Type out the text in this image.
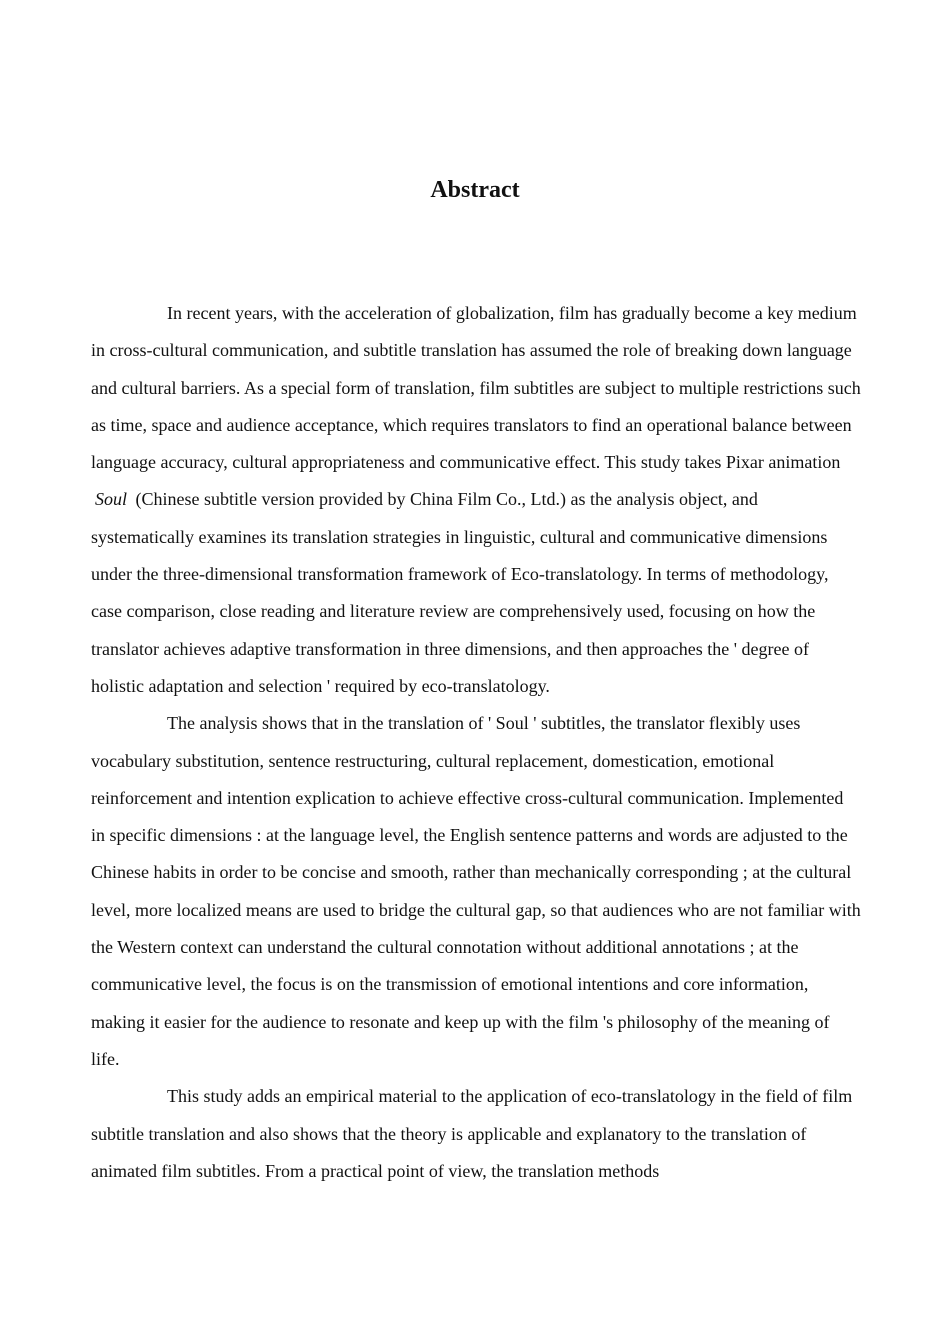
Abstract

In recent years, with the acceleration of globalization, film has gradually become a key medium in cross-cultural communication, and subtitle translation has assumed the role of breaking down language and cultural barriers. As a special form of translation, film subtitles are subject to multiple restrictions such as time, space and audience acceptance, which requires translators to find an operational balance between language accuracy, cultural appropriateness and communicative effect. This study takes Pixar animation Soul (Chinese subtitle version provided by China Film Co., Ltd.) as the analysis object, and systematically examines its translation strategies in linguistic, cultural and communicative dimensions under the three-dimensional transformation framework of Eco-translatology. In terms of methodology, case comparison, close reading and literature review are comprehensively used, focusing on how the translator achieves adaptive transformation in three dimensions, and then approaches the ' degree of holistic adaptation and selection ' required by eco-translatology.

The analysis shows that in the translation of ' Soul ' subtitles, the translator flexibly uses vocabulary substitution, sentence restructuring, cultural replacement, domestication, emotional reinforcement and intention explication to achieve effective cross-cultural communication. Implemented in specific dimensions : at the language level, the English sentence patterns and words are adjusted to the Chinese habits in order to be concise and smooth, rather than mechanically corresponding ; at the cultural level, more localized means are used to bridge the cultural gap, so that audiences who are not familiar with the Western context can understand the cultural connotation without additional annotations ; at the communicative level, the focus is on the transmission of emotional intentions and core information, making it easier for the audience to resonate and keep up with the film 's philosophy of the meaning of life.

This study adds an empirical material to the application of eco-translatology in the field of film subtitle translation and also shows that the theory is applicable and explanatory to the translation of animated film subtitles. From a practical point of view, the translation methods
